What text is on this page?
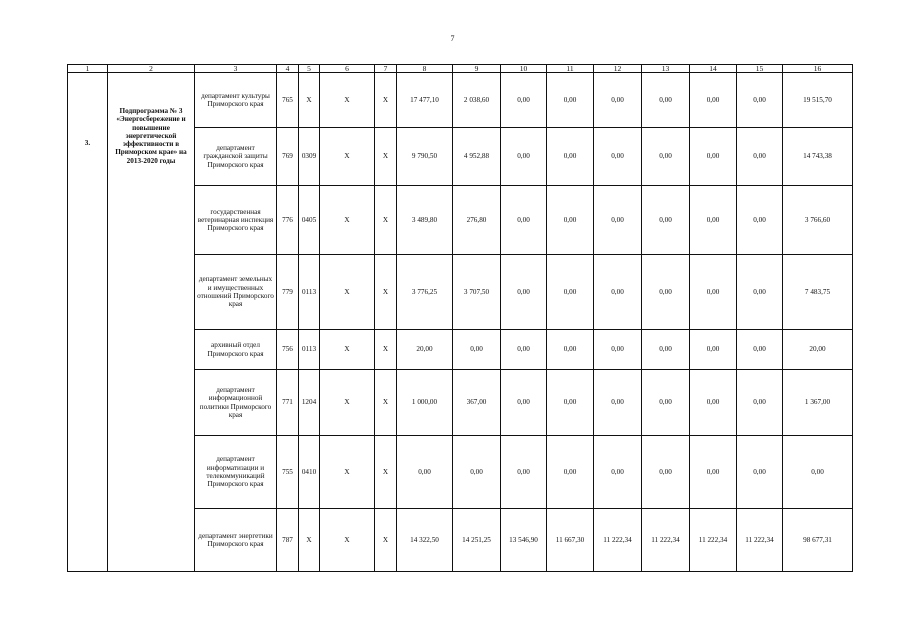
7
1	2	3	4	5	6	7	8	9	10	11	12	13	14	15	16
3.	Подпрограмма № 3 «Энергосбережение и повышение энергетической эффективности в Приморском крае» на 2013-2020 годы	департамент культуры Приморского края	765	Х	Х	Х	17 477,10	2 038,60	0,00	0,00	0,00	0,00	0,00	0,00	19 515,70
		департамент гражданской защиты Приморского края	769	0309	Х	Х	9 790,50	4 952,88	0,00	0,00	0,00	0,00	0,00	0,00	14 743,38
		государственная ветеринарная инспекция Приморского края	776	0405	Х	Х	3 489,80	276,80	0,00	0,00	0,00	0,00	0,00	0,00	3 766,60
		департамент земельных и имущественных отношений Приморского края	779	0113	Х	Х	3 776,25	3 707,50	0,00	0,00	0,00	0,00	0,00	0,00	7 483,75
		архивный отдел Приморского края	756	0113	Х	Х	20,00	0,00	0,00	0,00	0,00	0,00	0,00	0,00	20,00
		департамент информационной политики Приморского края	771	1204	Х	Х	1 000,00	367,00	0,00	0,00	0,00	0,00	0,00	0,00	1 367,00
		департамент информатизации и телекоммуникаций Приморского края	755	0410	Х	Х	0,00	0,00	0,00	0,00	0,00	0,00	0,00	0,00	0,00
		департамент энергетики Приморского края	787	Х	Х	Х	14 322,50	14 251,25	13 546,90	11 667,30	11 222,34	11 222,34	11 222,34	11 222,34	98 677,31
